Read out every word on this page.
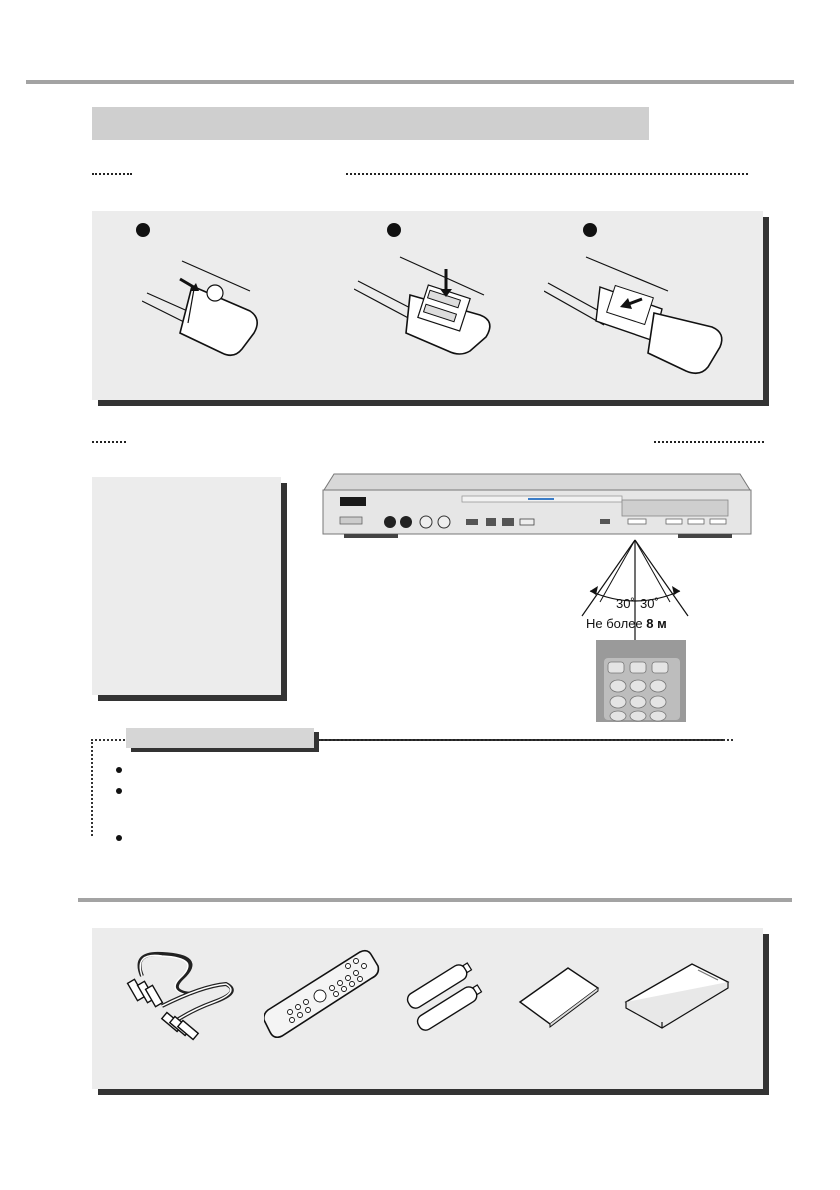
30˚ 30˚
Не более 8 м
